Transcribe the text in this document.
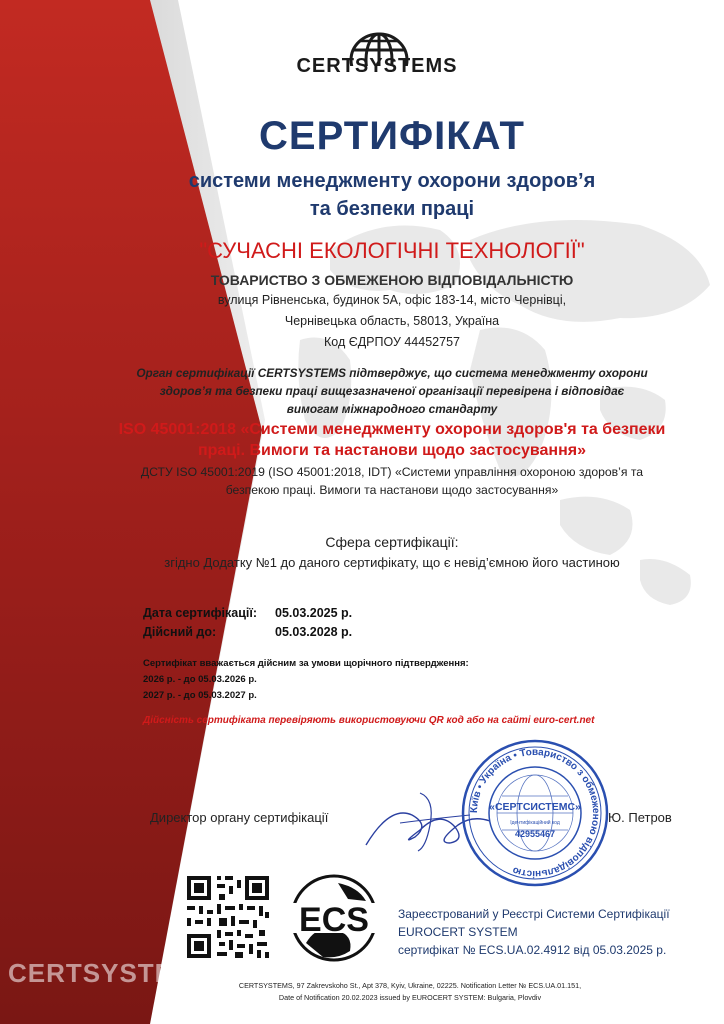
CERTSYSTEMS
СЕРТИФІКАТ
системи менеджменту охорони здоров’я
та безпеки праці
"СУЧАСНІ ЕКОЛОГІЧНІ ТЕХНОЛОГІЇ"
ТОВАРИСТВО З ОБМЕЖЕНОЮ ВІДПОВІДАЛЬНІСТЮ
вулиця Рівненська, будинок 5А, офіс 183-14, місто Чернівці,
Чернівецька область, 58013, Україна
Код ЄДРПОУ 44452757
Орган сертифікації CERTSYSTEMS підтверджує, що система менеджменту охорони
здоров’я та безпеки праці вищезазначеної організації перевірена і відповідає
вимогам міжнародного стандарту
ISO 45001:2018 «Системи менеджменту охорони здоров'я та безпеки
праці. Вимоги та настанови щодо застосування»
ДСТУ ISO 45001:2019 (ISO 45001:2018, IDT) «Системи управління охороною здоров’я та
безпекою праці. Вимоги та настанови щодо застосування»
Сфера сертифікації:
згідно Додатку №1 до даного сертифікату, що є невід’ємною його частиною
Дата сертифікації: 05.03.2025 р.
Дійсний до:	05.03.2028 р.
Сертифікат вважається дійсним за умови щорічного підтвердження:
2026 р. - до 05.03.2026 р.
2027 р. - до 05.03.2027 р.
Дійсність сертифіката перевіряють використовуючи QR код або на сайті euro-cert.net
Директор органу сертифікації	Ю. Петров
Київ • Україна • Товариство з обмеженою відповідальністю
«СЕРТСИСТЕМС»
Ідентифікаційний код
42955467
ECS Зареєстрований у Реєстрі Системи Сертифікації
EUROCERT SYSTEM
сертифікат № ECS.UA.02.4912 від 05.03.2025 р.
CERTSYSTEMS	CERTSYSTEMS, 97 Zakrevskoho St., Apt 378, Kyiv, Ukraine, 02225. Notification Letter № ECS.UA.01.151,
Date of Notification 20.02.2023 issued by EUROCERT SYSTEM: Bulgaria, Plovdiv
